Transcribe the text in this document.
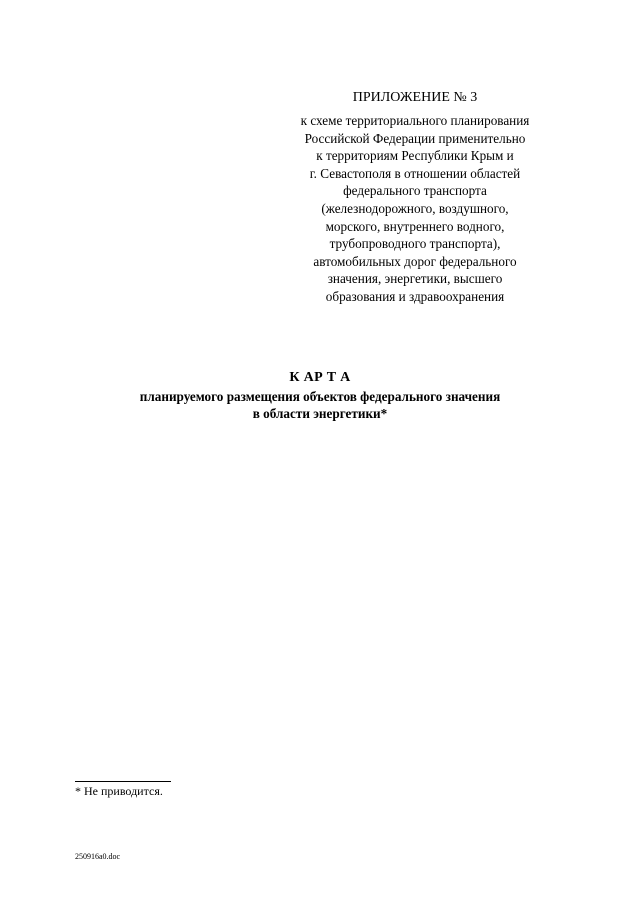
ПРИЛОЖЕНИЕ № 3
к схеме территориального планирования
Российской Федерации применительно
к территориям Республики Крым и
г. Севастополя в отношении областей
федерального транспорта
(железнодорожного, воздушного,
морского, внутреннего водного,
трубопроводного транспорта),
автомобильных дорог федерального
значения, энергетики, высшего
образования и здравоохранения
К АР Т А
планируемого размещения объектов федерального значения
в области энергетики*
* Не приводится.
250916a0.doc
